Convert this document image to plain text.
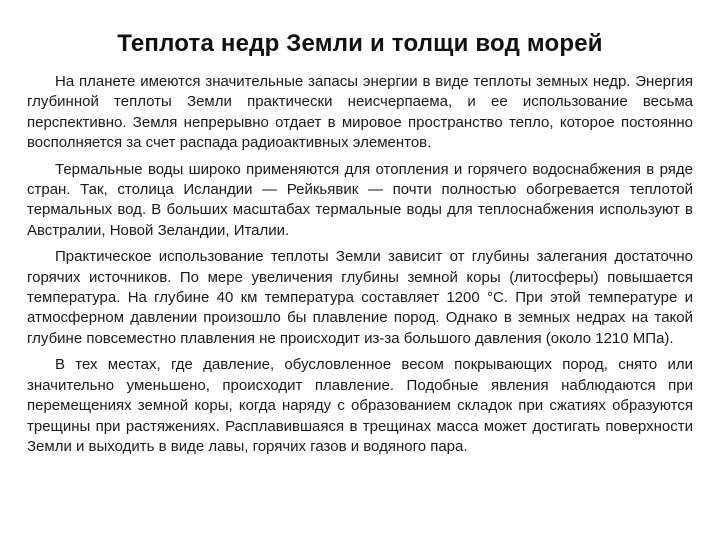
Теплота недр Земли и толщи вод морей

На планете имеются значительные запасы энергии в виде теплоты земных недр. Энергия глубинной теплоты Земли практически неисчерпаема, и ее использование весьма перспективно. Земля непрерывно отдает в мировое пространство тепло, которое постоянно восполняется за счет распада радиоактивных элементов.

Термальные воды широко применяются для отопления и горячего водоснабжения в ряде стран. Так, столица Исландии — Рейкьявик — почти полностью обогревается теплотой термальных вод. В больших масштабах термальные воды для теплоснабжения используют в Австралии, Новой Зеландии, Италии.

Практическое использование теплоты Земли зависит от глубины залегания достаточно горячих источников. По мере увеличения глубины земной коры (литосферы) повышается температура. На глубине 40 км температура составляет 1200 °С. При этой температуре и атмосферном давлении произошло бы плавление пород. Однако в земных недрах на такой глубине повсеместно плавления не происходит из-за большого давления (около 1210 МПа).

В тех местах, где давление, обусловленное весом покрывающих пород, снято или значительно уменьшено, происходит плавление. Подобные явления наблюдаются при перемещениях земной коры, когда наряду с образованием складок при сжатиях образуются трещины при растяжениях. Расплавившаяся в трещинах масса может достигать поверхности Земли и выходить в виде лавы, горячих газов и водяного пара.
